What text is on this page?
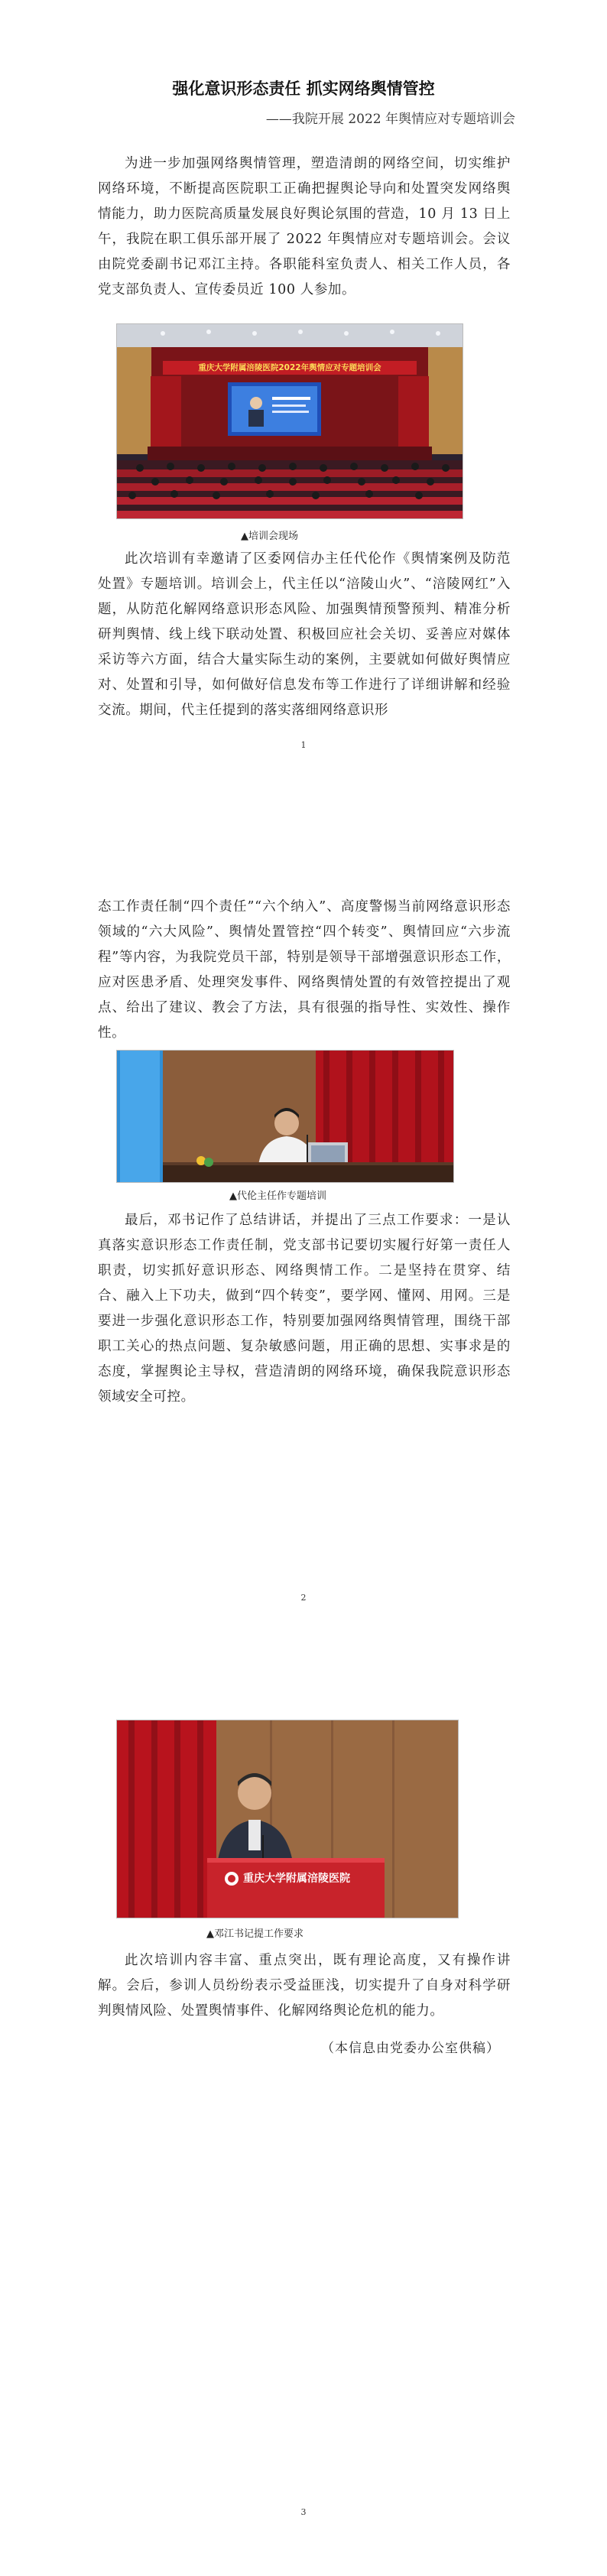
强化意识形态责任 抓实网络舆情管控
——我院开展 2022 年舆情应对专题培训会

为进一步加强网络舆情管理，塑造清朗的网络空间，切实维护网络环境，不断提高医院职工正确把握舆论导向和处置突发网络舆情能力，助力医院高质量发展良好舆论氛围的营造，10 月 13 日上午，我院在职工俱乐部开展了 2022 年舆情应对专题培训会。会议由院党委副书记邓江主持。各职能科室负责人、相关工作人员，各党支部负责人、宣传委员近 100 人参加。

重庆大学附属涪陵医院2022年舆情应对专题培训会
▲培训会现场

此次培训有幸邀请了区委网信办主任代伦作《舆情案例及防范处置》专题培训。培训会上，代主任以“涪陵山火”、“涪陵网红”入题，从防范化解网络意识形态风险、加强舆情预警预判、精准分析研判舆情、线上线下联动处置、积极回应社会关切、妥善应对媒体采访等六方面，结合大量实际生动的案例，主要就如何做好舆情应对、处置和引导，如何做好信息发布等工作进行了详细讲解和经验交流。期间，代主任提到的落实落细网络意识形

1

态工作责任制“四个责任”“六个纳入”、高度警惕当前网络意识形态领域的“六大风险”、舆情处置管控“四个转变”、舆情回应“六步流程”等内容，为我院党员干部，特别是领导干部增强意识形态工作，应对医患矛盾、处理突发事件、网络舆情处置的有效管控提出了观点、给出了建议、教会了方法，具有很强的指导性、实效性、操作性。

▲代伦主任作专题培训

最后，邓书记作了总结讲话，并提出了三点工作要求：一是认真落实意识形态工作责任制，党支部书记要切实履行好第一责任人职责，切实抓好意识形态、网络舆情工作。二是坚持在贯穿、结合、融入上下功夫，做到“四个转变”，要学网、懂网、用网。三是要进一步强化意识形态工作，特别要加强网络舆情管理，围绕干部职工关心的热点问题、复杂敏感问题，用正确的思想、实事求是的态度，掌握舆论主导权，营造清朗的网络环境，确保我院意识形态领域安全可控。

2
重庆大学附属涪陵医院
▲邓江书记提工作要求

此次培训内容丰富、重点突出，既有理论高度，又有操作讲解。会后，参训人员纷纷表示受益匪浅，切实提升了自身对科学研判舆情风险、处置舆情事件、化解网络舆论危机的能力。

（本信息由党委办公室供稿）
3
